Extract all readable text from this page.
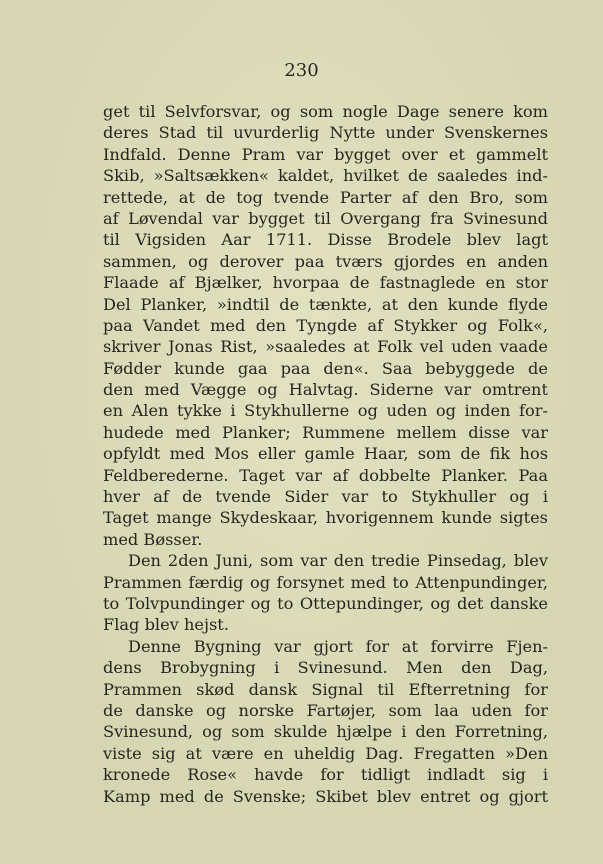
230

get til Selvforsvar, og som nogle Dage senere kom
deres Stad til uvurderlig Nytte under Svenskernes
Indfald. Denne Pram var bygget over et gammelt
Skib, »Saltsækken« kaldet, hvilket de saaledes ind-
rettede, at de tog tvende Parter af den Bro, som
af Løvendal var bygget til Overgang fra Svinesund
til Vigsiden Aar 1711. Disse Brodele blev lagt
sammen, og derover paa tværs gjordes en anden
Flaade af Bjælker, hvorpaa de fastnaglede en stor
Del Planker, »indtil de tænkte, at den kunde flyde
paa Vandet med den Tyngde af Stykker og Folk«,
skriver Jonas Rist, »saaledes at Folk vel uden vaade
Fødder kunde gaa paa den«. Saa bebyggede de
den med Vægge og Halvtag. Siderne var omtrent
en Alen tykke i Stykhullerne og uden og inden for-
hudede med Planker; Rummene mellem disse var
opfyldt med Mos eller gamle Haar, som de fik hos
Feldberederne. Taget var af dobbelte Planker. Paa
hver af de tvende Sider var to Stykhuller og i
Taget mange Skydeskaar, hvorigennem kunde sigtes
med Bøsser.
Den 2den Juni, som var den tredie Pinsedag, blev
Prammen færdig og forsynet med to Attenpundinger,
to Tolvpundinger og to Ottepundinger, og det danske
Flag blev hejst.
Denne Bygning var gjort for at forvirre Fjen-
dens Brobygning i Svinesund. Men den Dag,
Prammen skød dansk Signal til Efterretning for
de danske og norske Fartøjer, som laa uden for
Svinesund, og som skulde hjælpe i den Forretning,
viste sig at være en uheldig Dag. Fregatten »Den
kronede Rose« havde for tidligt indladt sig i
Kamp med de Svenske; Skibet blev entret og gjort
